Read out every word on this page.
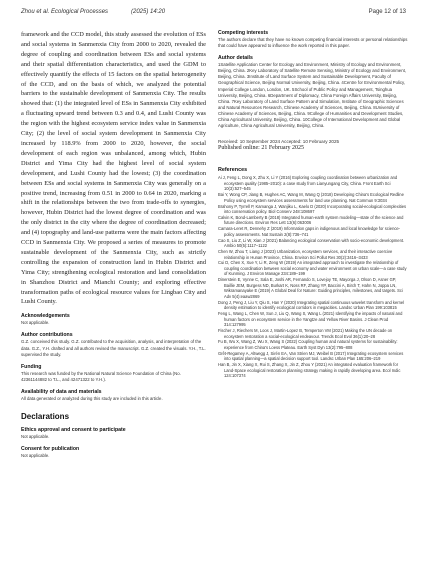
Zhou et al. Ecological Processes	(2025) 14:20	Page 12 of 13

framework and the CCD model, this study assessed the evolution of ESs and social systems in Sanmenxia City from 2000 to 2020, revealed the degree of coupling and coordination between ESs and social systems and their spatial differentiation characteristics, and used the GDM to effectively quantify the effects of 15 factors on the spatial heterogeneity of the CCD, and on the basis of which, we analyzed the potential barriers to the sustainable development of Sanmenxia City. The results showed that: (1) the integrated level of ESs in Sanmenxia City exhibited a fluctuating upward trend between 0.3 and 0.4, and Lushi County was the region with the highest ecosystem service index value in Sanmenxia City; (2) the level of social system development in Sanmenxia City increased by 118.9% from 2000 to 2020, however, the social development of each region was unbalanced, among which, Hubin District and Yima City had the highest level of social system development, and Lushi County had the lowest; (3) the coordination between ESs and social systems in Sanmenxia City was generally on a positive trend, increasing from 0.51 in 2000 to 0.64 in 2020, marking a shift in the relationships between the two from trade-offs to synergies, however, Hubin District had the lowest degree of coordination and was the only district in the city where the degree of coordination decreased; and (4) topography and land-use patterns were the main factors affecting CCD in Sanmenxia City. We proposed a series of measures to promote sustainable development of the Sanmenxia City, such as strictly controlling the expansion of construction land in Hubin District and Yima City; strengthening ecological restoration and land consolidation in Shanzhou District and Mianchi County; and exploring effective transformation paths of ecological resource values for Lingbao City and Lushi County.

Acknowledgements

Not applicable.

Author contributions

G.Z. conceived this study. G.Z. contributed to the acquisition, analysis, and interpretation of the data. G.Z., Y.H. drafted and all authors revised the manuscript. G.Z. created the visuals. Y.H., T.L. supervised the study.

Funding

This research was funded by the National Natural Science Foundation of China (No. 42361144882 to T.L., and 42471322 to Y.H.).

Availability of data and materials

All data generated or analyzed during this study are included in this article.

Declarations
Ethics approval and consent to participate

Not applicable.

Consent for publication

Not applicable.

Competing interests

The authors declare that they have no known competing financial interests or personal relationships that could have appeared to influence the work reported in this paper.

Author details

1Satellite Application Center for Ecology and Environment, Ministry of Ecology and Environment, Beijing, China. 2Key Laboratory of Satellite Remote Sensing, Ministry of Ecology and Environment, Beijing, China. 3Institute of Land Surface System and Sustainable Development, Faculty of Geographical Science, Beijing Normal University, Beijing, China. 4Centre for Environmental Policy, Imperial College London, London, UK. 5School of Public Policy and Management, Tsinghua University, Beijing, China. 6Department of Diplomacy, China Foreign Affairs University, Beijing, China. 7Key Laboratory of Land Surface Pattern and Simulation, Institute of Geographic Sciences and Natural Resources Research, Chinese Academy of Sciences, Beijing, China. 8University of Chinese Academy of Sciences, Beijing, China. 9College of Humanities and Development Studies, China Agricultural University, Beijing, China. 10College of International Development and Global Agriculture, China Agricultural University, Beijing, China.

Received: 10 September 2024 Accepted: 10 February 2025

Published online: 21 February 2025

References

Ai J, Feng L, Dong X, Zhu X, Li Y (2016) Exploring coupling coordination between urbanization and ecosystem quality (1985–2010): a case study from Lianyungang City, China. Front Earth Sci 10(3):527–545

Bai Y, Wong CP, Jiang B, Hughes AC, Wang M, Wang Q (2018) Developing China's Ecological Redline Policy using ecosystem services assessments for land use planning. Nat Commun 9:3034

Brahony P, Tyrrell P, Kamanga J, Wanjiku L, Kaelo D (2020) Incorporating social-ecological complexities into conservation policy. Biol Conserv 248:108697

Calvin K, Bond-Lamberty B (2018) Integrated human-earth system modeling—state of the science and future directions. Environ Res Lett 13(6):063006

Camara-Leret R, Dennehy Z (2019) Information gaps in indigenous and local knowledge for science-policy assessments. Nat Sustain 2(8):736–741

Cao S, Liu Z, Li W, Xian J (2021) Balancing ecological conservation with socio-economic development. Ambio 50(5):1117–1122

Chen W, Zhou T, Liang J (2023) Urbanization, ecosystem services, and their interactive coercive relationship in Hunan Province, China. Environ Sci Pollut Res 30(2):3416–3433

Cui D, Chen X, Xue Y, Li R, Zeng W (2019) An integrated approach to investigate the relationship of coupling coordination between social economy and water environment on urban scale—a case study of Kunming. J Environ Manage 234:189–199

Dinerstein E, Vynne C, Sala E, Joshi AR, Fernando S, Lovejoy TE, Mayorga J, Olson D, Asner GP, Baillie JEM, Burgess ND, Burkart K, Noss RF, Zhang YP, Baccini A, Birch T, Hahn N, Joppa LN, Wikramanayake E (2019) A Global Deal for Nature: Guiding principles, milestones, and targets. Sci Adv 5(4):eaaw2869

Dong J, Peng J, Liu Y, Qiu S, Han Y (2020) Integrating spatial continuous wavelet transform and kernel density estimation to identify ecological corridors in megacities. Landsc Urban Plan 199:103815

Feng L, Wang L, Chen W, Sun J, Liu Q, Wang S, Wang L (2021) Identifying the impacts of natural and human factors on ecosystem service in the Yangtze and Yellow River Basins. J Clean Prod 314:127995

Fischer J, Riechers M, Loos J, Martin-Lopez B, Temperton VM (2021) Making the UN decade on ecosystem restoration a social-ecological endeavour. Trends Ecol Evol 36(1):20–28

Fu B, Wu X, Wang Z, Wu X, Wang S (2022) Coupling human and natural systems for sustainability: experience from China's Loess Plateau. Earth Syst Dyn 13(2):795–808

Grêt-Regamey A, Altwegg J, Sirén EA, Van Strien MJ, Weibel B (2017) Integrating ecosystem services into spatial planning—a spatial decision support tool. Landsc Urban Plan 165:206–219

Han B, Jin X, Xiang X, Rui S, Zhang X, Jin Z, Zhou Y (2021) An integrated evaluation framework for Land-Space ecological restoration planning strategy making in rapidly developing area. Ecol Indic 124:107374
